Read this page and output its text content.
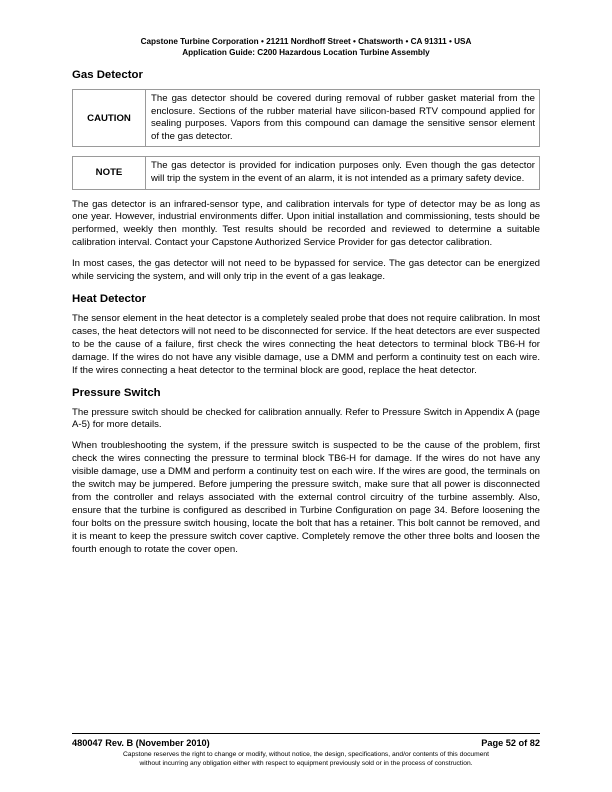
Capstone Turbine Corporation • 21211 Nordhoff Street • Chatsworth • CA 91311 • USA
Application Guide: C200 Hazardous Location Turbine Assembly
Gas Detector
CAUTION
The gas detector should be covered during removal of rubber gasket material from the enclosure. Sections of the rubber material have silicon-based RTV compound applied for sealing purposes. Vapors from this compound can damage the sensitive sensor element of the gas detector.
NOTE
The gas detector is provided for indication purposes only. Even though the gas detector will trip the system in the event of an alarm, it is not intended as a primary safety device.

The gas detector is an infrared-sensor type, and calibration intervals for type of detector may be as long as one year. However, industrial environments differ. Upon initial installation and commissioning, tests should be performed, weekly then monthly. Test results should be recorded and reviewed to determine a suitable calibration interval. Contact your Capstone Authorized Service Provider for gas detector calibration.

In most cases, the gas detector will not need to be bypassed for service. The gas detector can be energized while servicing the system, and will only trip in the event of a gas leakage.

Heat Detector

The sensor element in the heat detector is a completely sealed probe that does not require calibration. In most cases, the heat detectors will not need to be disconnected for service. If the heat detectors are ever suspected to be the cause of a failure, first check the wires connecting the heat detectors to terminal block TB6-H for damage. If the wires do not have any visible damage, use a DMM and perform a continuity test on each wire. If the wires connecting a heat detector to the terminal block are good, replace the heat detector.

Pressure Switch

The pressure switch should be checked for calibration annually. Refer to Pressure Switch in Appendix A (page A-5) for more details.

When troubleshooting the system, if the pressure switch is suspected to be the cause of the problem, first check the wires connecting the pressure to terminal block TB6-H for damage. If the wires do not have any visible damage, use a DMM and perform a continuity test on each wire. If the wires are good, the terminals on the switch may be jumpered. Before jumpering the pressure switch, make sure that all power is disconnected from the controller and relays associated with the external control circuitry of the turbine assembly. Also, ensure that the turbine is configured as described in Turbine Configuration on page 34. Before loosening the four bolts on the pressure switch housing, locate the bolt that has a retainer. This bolt cannot be removed, and it is meant to keep the pressure switch cover captive. Completely remove the other three bolts and loosen the fourth enough to rotate the cover open.

480047 Rev. B (November 2010)	Page 52 of 82
Capstone reserves the right to change or modify, without notice, the design, specifications, and/or contents of this document
without incurring any obligation either with respect to equipment previously sold or in the process of construction.
